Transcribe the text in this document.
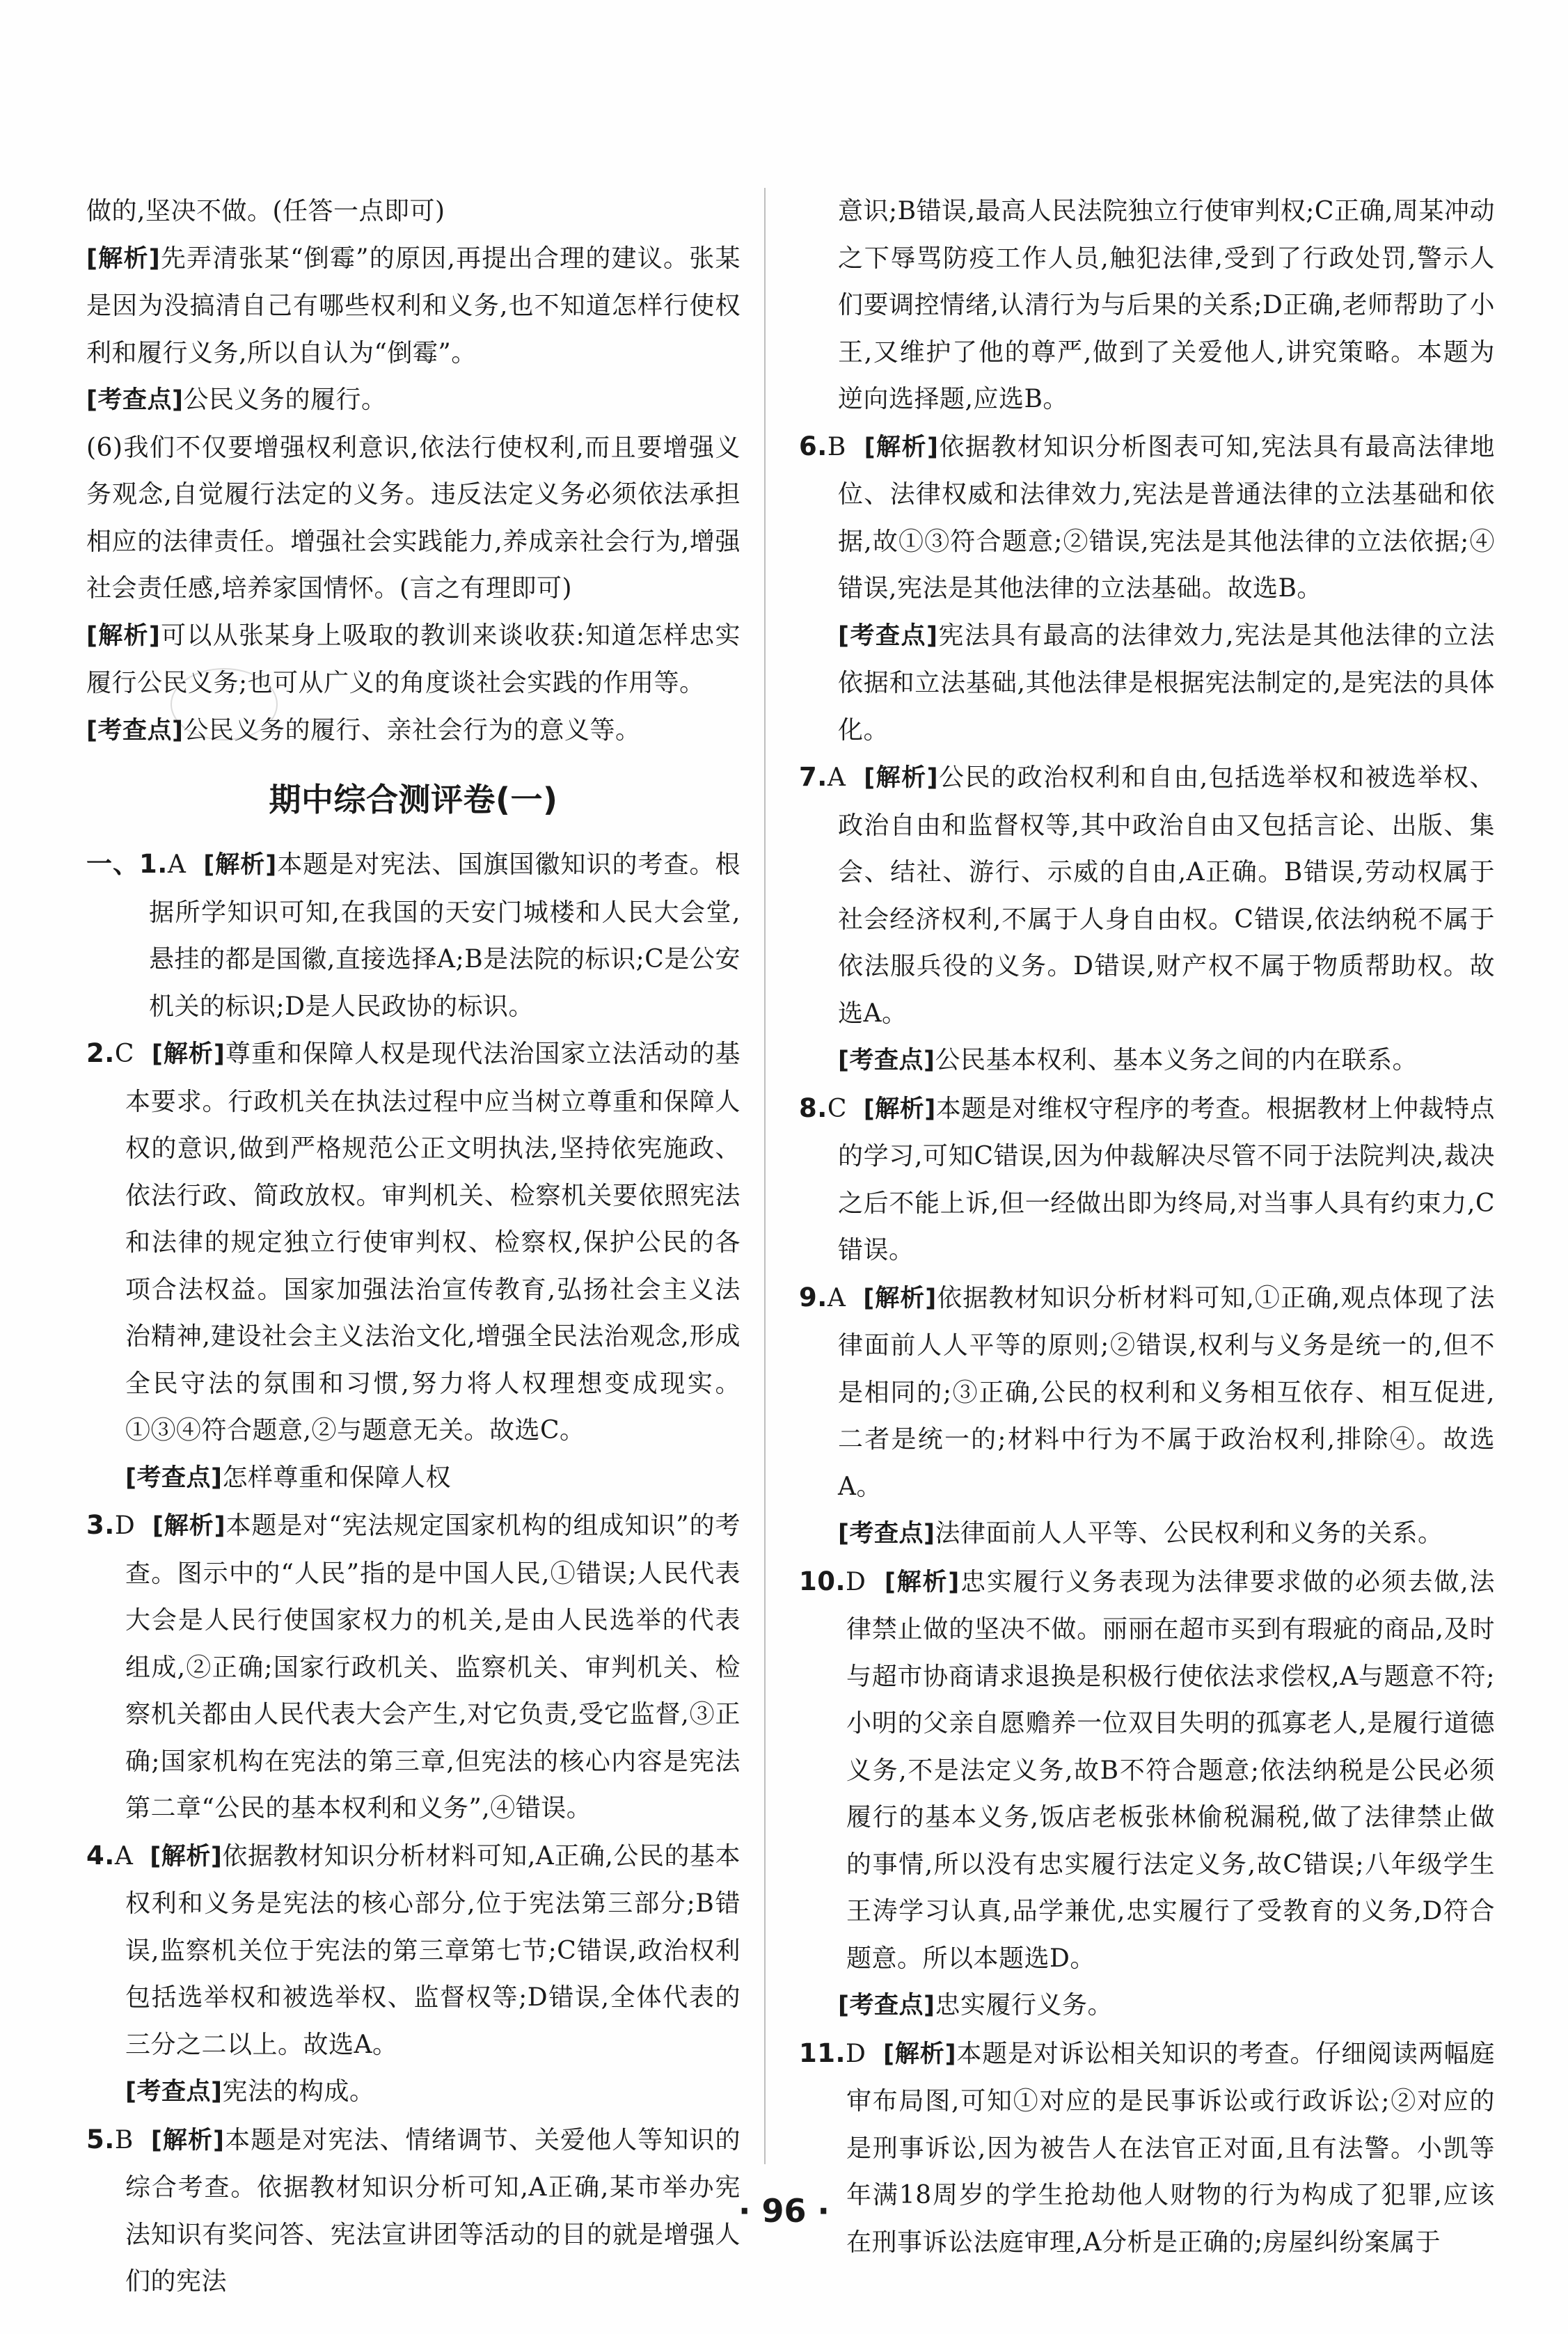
做的,坚决不做。(任答一点即可)

[解析]先弄清张某“倒霉”的原因,再提出合理的建议。张某是因为没搞清自己有哪些权利和义务,也不知道怎样行使权利和履行义务,所以自认为“倒霉”。

[考查点]公民义务的履行。

(6)我们不仅要增强权利意识,依法行使权利,而且要增强义务观念,自觉履行法定的义务。违反法定义务必须依法承担相应的法律责任。增强社会实践能力,养成亲社会行为,增强社会责任感,培养家国情怀。(言之有理即可)

[解析]可以从张某身上吸取的教训来谈收获:知道怎样忠实履行公民义务;也可从广义的角度谈社会实践的作用等。

[考查点]公民义务的履行、亲社会行为的意义等。

期中综合测评卷(一)

一、1.A [解析]本题是对宪法、国旗国徽知识的考查。根据所学知识可知,在我国的天安门城楼和人民大会堂,悬挂的都是国徽,直接选择A;B是法院的标识;C是公安机关的标识;D是人民政协的标识。

2.C [解析]尊重和保障人权是现代法治国家立法活动的基本要求。行政机关在执法过程中应当树立尊重和保障人权的意识,做到严格规范公正文明执法,坚持依宪施政、依法行政、简政放权。审判机关、检察机关要依照宪法和法律的规定独立行使审判权、检察权,保护公民的各项合法权益。国家加强法治宣传教育,弘扬社会主义法治精神,建设社会主义法治文化,增强全民法治观念,形成全民守法的氛围和习惯,努力将人权理想变成现实。①③④符合题意,②与题意无关。故选C。

[考查点]怎样尊重和保障人权

3.D [解析]本题是对“宪法规定国家机构的组成知识”的考查。图示中的“人民”指的是中国人民,①错误;人民代表大会是人民行使国家权力的机关,是由人民选举的代表组成,②正确;国家行政机关、监察机关、审判机关、检察机关都由人民代表大会产生,对它负责,受它监督,③正确;国家机构在宪法的第三章,但宪法的核心内容是宪法第二章“公民的基本权利和义务”,④错误。

4.A [解析]依据教材知识分析材料可知,A正确,公民的基本权利和义务是宪法的核心部分,位于宪法第三部分;B错误,监察机关位于宪法的第三章第七节;C错误,政治权利包括选举权和被选举权、监督权等;D错误,全体代表的三分之二以上。故选A。

[考查点]宪法的构成。

5.B [解析]本题是对宪法、情绪调节、关爱他人等知识的综合考查。依据教材知识分析可知,A正确,某市举办宪法知识有奖问答、宪法宣讲团等活动的目的就是增强人们的宪法

意识;B错误,最高人民法院独立行使审判权;C正确,周某冲动之下辱骂防疫工作人员,触犯法律,受到了行政处罚,警示人们要调控情绪,认清行为与后果的关系;D正确,老师帮助了小王,又维护了他的尊严,做到了关爱他人,讲究策略。本题为逆向选择题,应选B。

6.B [解析]依据教材知识分析图表可知,宪法具有最高法律地位、法律权威和法律效力,宪法是普通法律的立法基础和依据,故①③符合题意;②错误,宪法是其他法律的立法依据;④错误,宪法是其他法律的立法基础。故选B。

[考查点]宪法具有最高的法律效力,宪法是其他法律的立法依据和立法基础,其他法律是根据宪法制定的,是宪法的具体化。

7.A [解析]公民的政治权利和自由,包括选举权和被选举权、政治自由和监督权等,其中政治自由又包括言论、出版、集会、结社、游行、示威的自由,A正确。B错误,劳动权属于社会经济权利,不属于人身自由权。C错误,依法纳税不属于依法服兵役的义务。D错误,财产权不属于物质帮助权。故选A。

[考查点]公民基本权利、基本义务之间的内在联系。

8.C [解析]本题是对维权守程序的考查。根据教材上仲裁特点的学习,可知C错误,因为仲裁解决尽管不同于法院判决,裁决之后不能上诉,但一经做出即为终局,对当事人具有约束力,C错误。

9.A [解析]依据教材知识分析材料可知,①正确,观点体现了法律面前人人平等的原则;②错误,权利与义务是统一的,但不是相同的;③正确,公民的权利和义务相互依存、相互促进,二者是统一的;材料中行为不属于政治权利,排除④。故选A。

[考查点]法律面前人人平等、公民权利和义务的关系。

10.D [解析]忠实履行义务表现为法律要求做的必须去做,法律禁止做的坚决不做。丽丽在超市买到有瑕疵的商品,及时与超市协商请求退换是积极行使依法求偿权,A与题意不符;小明的父亲自愿赡养一位双目失明的孤寡老人,是履行道德义务,不是法定义务,故B不符合题意;依法纳税是公民必须履行的基本义务,饭店老板张林偷税漏税,做了法律禁止做的事情,所以没有忠实履行法定义务,故C错误;八年级学生王涛学习认真,品学兼优,忠实履行了受教育的义务,D符合题意。所以本题选D。

[考查点]忠实履行义务。

11.D [解析]本题是对诉讼相关知识的考查。仔细阅读两幅庭审布局图,可知①对应的是民事诉讼或行政诉讼;②对应的是刑事诉讼,因为被告人在法官正对面,且有法警。小凯等年满18周岁的学生抢劫他人财物的行为构成了犯罪,应该在刑事诉讼法庭审理,A分析是正确的;房屋纠纷案属于

· 96 ·
